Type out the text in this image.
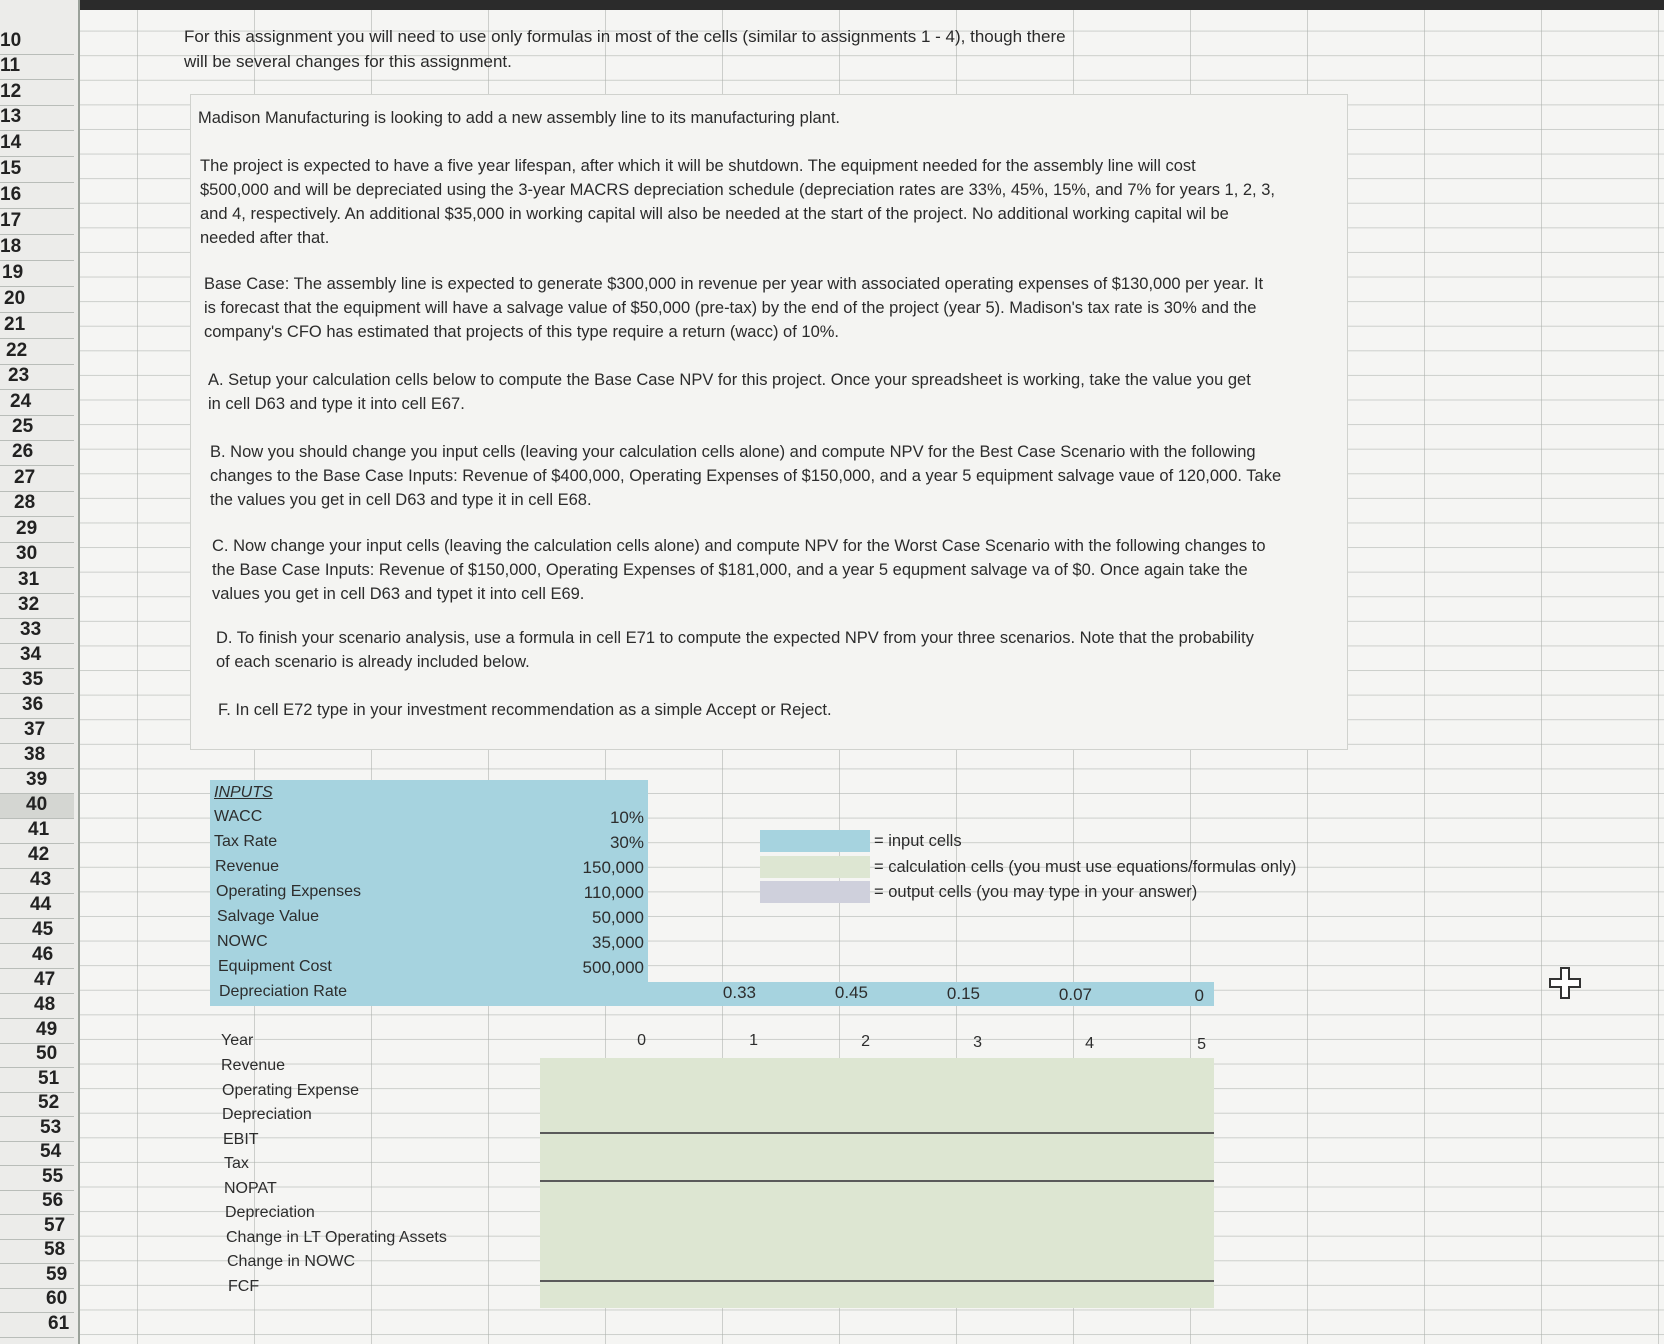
10
11
12
13
14
15
16
17
18
19
20
21
22
23
24
25
26
27
28
29
30
31
32
33
34
35
36
37
38
39
40
41
42
43
44
45
46
47
48
49
50
51
52
53
54
55
56
57
58
59
60
61
For this assignment you will need to use only formulas in most of the cells (similar to assignments 1 - 4), though there
will be several changes for this assignment.
Madison Manufacturing is looking to add a new assembly line to its manufacturing plant.
The project is expected to have a five year lifespan, after which it will be shutdown. The equipment needed for the assembly line will cost
$500,000 and will be depreciated using the 3-year MACRS depreciation schedule (depreciation rates are 33%, 45%, 15%, and 7% for years 1, 2, 3,
and 4, respectively. An additional $35,000 in working capital will also be needed at the start of the project. No additional working capital wil be
needed after that.
Base Case: The assembly line is expected to generate $300,000 in revenue per year with associated operating expenses of $130,000 per year. It
is forecast that the equipment will have a salvage value of $50,000 (pre-tax) by the end of the project (year 5). Madison's tax rate is 30% and the
company's CFO has estimated that projects of this type require a return (wacc) of 10%.
A. Setup your calculation cells below to compute the Base Case NPV for this project. Once your spreadsheet is working, take the value you get
in cell D63 and type it into cell E67.
B. Now you should change you input cells (leaving your calculation cells alone) and compute NPV for the Best Case Scenario with the following
changes to the Base Case Inputs: Revenue of $400,000, Operating Expenses of $150,000, and a year 5 equipment salvage vaue of 120,000. Take
the values you get in cell D63 and type it in cell E68.
C. Now change your input cells (leaving the calculation cells alone) and compute NPV for the Worst Case Scenario with the following changes to
the Base Case Inputs: Revenue of $150,000, Operating Expenses of $181,000, and a year 5 equpment salvage va of $0. Once again take the
values you get in cell D63 and typet it into cell E69.
D. To finish your scenario analysis, use a formula in cell E71 to compute the expected NPV from your three scenarios. Note that the probability
of each scenario is already included below.
F. In cell E72 type in your investment recommendation as a simple Accept or Reject.
INPUTS
WACC	10%
Tax Rate	30%
Revenue	150,000
Operating Expenses	110,000
Salvage Value	50,000
NOWC	35,000
Equipment Cost	500,000
Depreciation Rate	0.33	0.45	0.15	0.07	0
= input cells
= calculation cells (you must use equations/formulas only)
= output cells (you may type in your answer)
Year	0	1	2	3	4	5
Revenue
Operating Expense
Depreciation
EBIT
Tax
NOPAT
Depreciation
Change in LT Operating Assets
Change in NOWC
FCF
